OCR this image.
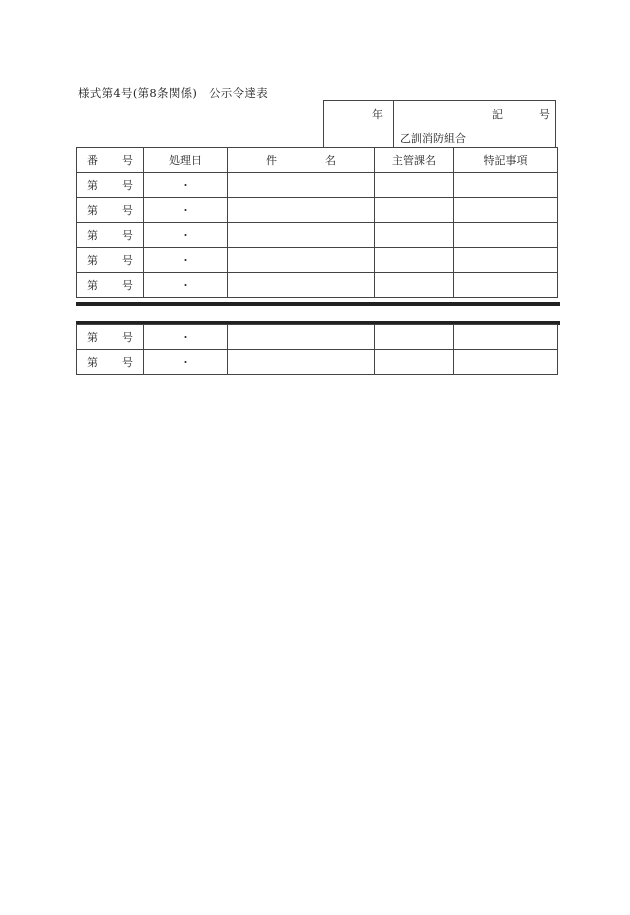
様式第4号(第8条関係)　公示令達表
年	記	号
乙訓消防組合
番 号	処理日	件 名	主管課名	特記事項

第 号	・			

第 号	・			

第 号	・			

第 号	・			

第 号	・			
第 号	・			

第 号	・			
